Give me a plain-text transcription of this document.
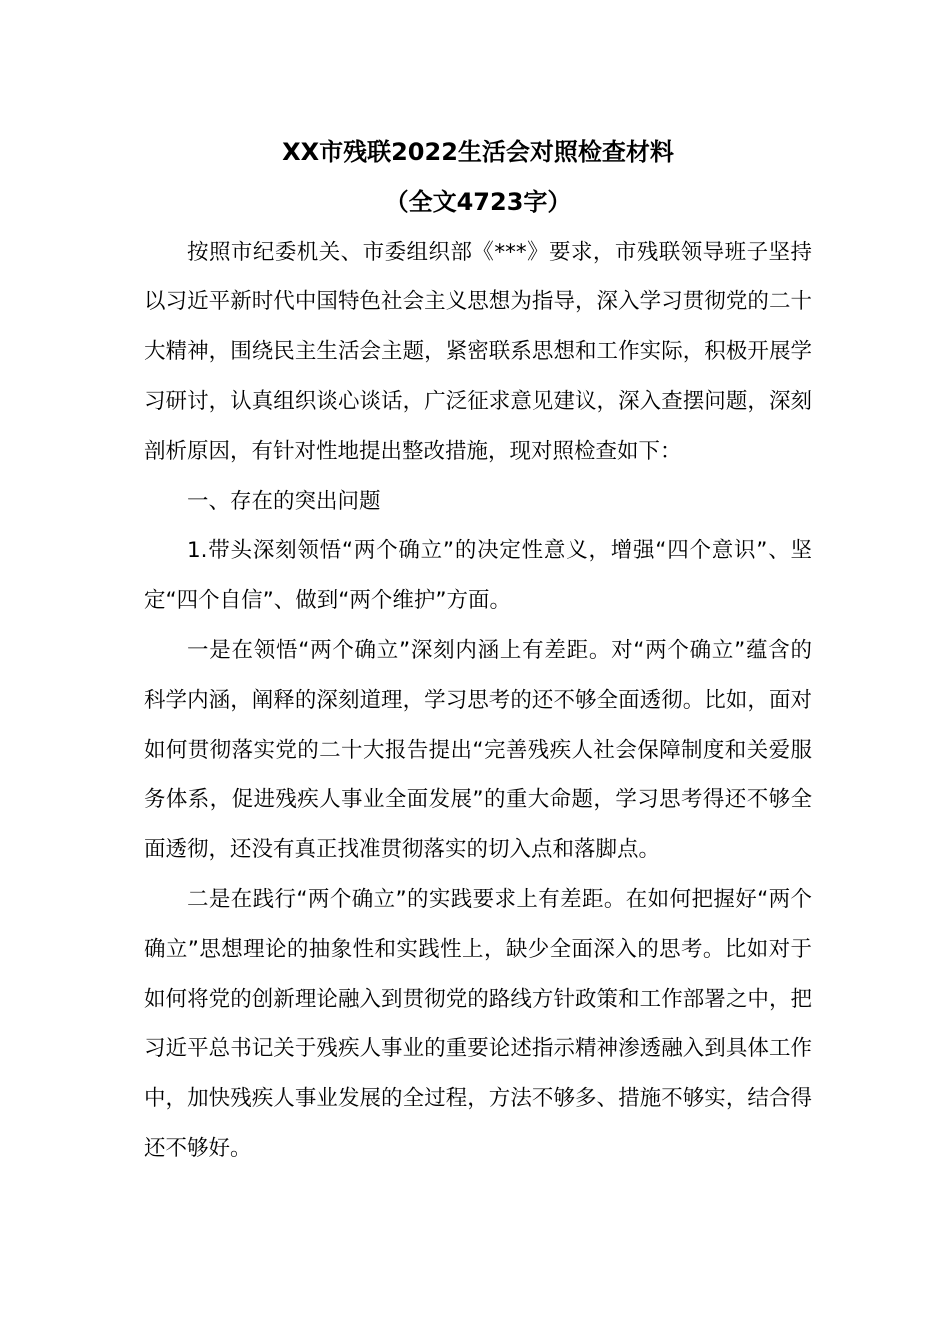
XX市残联2022生活会对照检查材料
（全文4723字）

按照市纪委机关、市委组织部《***》要求，市残联领导班子坚持以习近平新时代中国特色社会主义思想为指导，深入学习贯彻党的二十大精神，围绕民主生活会主题，紧密联系思想和工作实际，积极开展学习研讨，认真组织谈心谈话，广泛征求意见建议，深入查摆问题，深刻剖析原因，有针对性地提出整改措施，现对照检查如下：

一、存在的突出问题

1.带头深刻领悟“两个确立”的决定性意义，增强“四个意识”、坚定“四个自信”、做到“两个维护”方面。

一是在领悟“两个确立”深刻内涵上有差距。对“两个确立”蕴含的科学内涵，阐释的深刻道理，学习思考的还不够全面透彻。比如，面对如何贯彻落实党的二十大报告提出“完善残疾人社会保障制度和关爱服务体系，促进残疾人事业全面发展”的重大命题，学习思考得还不够全面透彻，还没有真正找准贯彻落实的切入点和落脚点。

二是在践行“两个确立”的实践要求上有差距。在如何把握好“两个确立”思想理论的抽象性和实践性上，缺少全面深入的思考。比如对于如何将党的创新理论融入到贯彻党的路线方针政策和工作部署之中，把习近平总书记关于残疾人事业的重要论述指示精神渗透融入到具体工作中，加快残疾人事业发展的全过程，方法不够多、措施不够实，结合得还不够好。
